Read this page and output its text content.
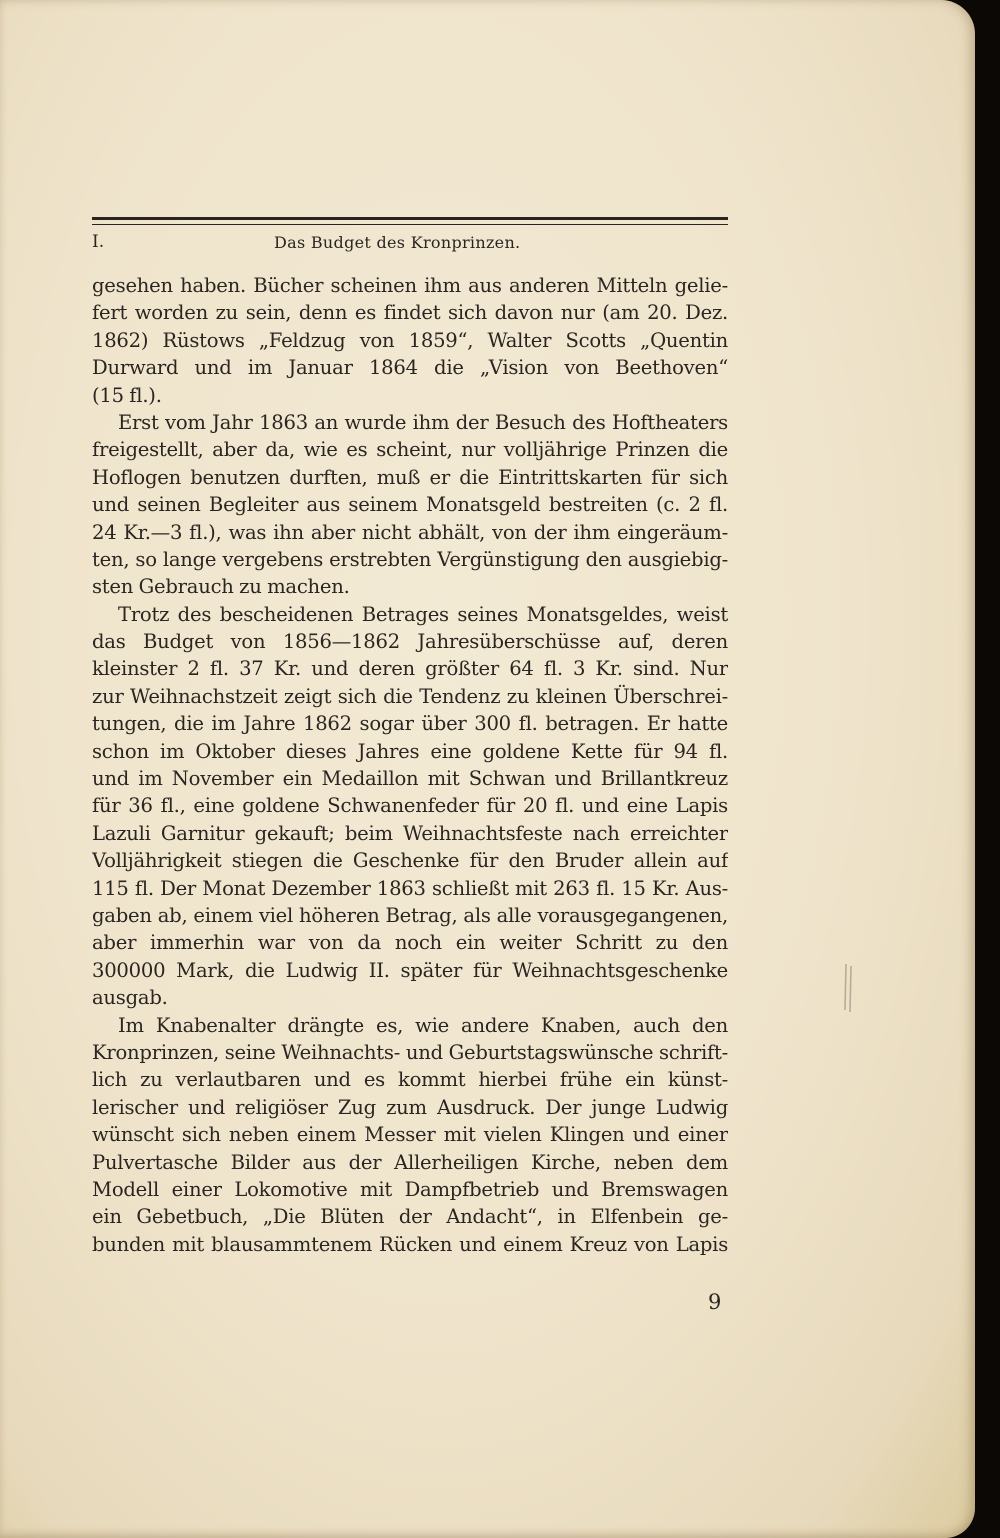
I.	Das Budget des Kronprinzen.
gesehen haben. Bücher scheinen ihm aus anderen Mitteln gelie-
fert worden zu sein, denn es findet sich davon nur (am 20. Dez.
1862) Rüstows „Feldzug von 1859“, Walter Scotts „Quentin
Durward und im Januar 1864 die „Vision von Beethoven“
(15 fl.).
Erst vom Jahr 1863 an wurde ihm der Besuch des Hoftheaters
freigestellt, aber da, wie es scheint, nur volljährige Prinzen die
Hoflogen benutzen durften, muß er die Eintrittskarten für sich
und seinen Begleiter aus seinem Monatsgeld bestreiten (c. 2 fl.
24 Kr.—3 fl.), was ihn aber nicht abhält, von der ihm eingeräum-
ten, so lange vergebens erstrebten Vergünstigung den ausgiebig-
sten Gebrauch zu machen.
Trotz des bescheidenen Betrages seines Monatsgeldes, weist
das Budget von 1856—1862 Jahresüberschüsse auf, deren
kleinster 2 fl. 37 Kr. und deren größter 64 fl. 3 Kr. sind. Nur
zur Weihnachstzeit zeigt sich die Tendenz zu kleinen Überschrei-
tungen, die im Jahre 1862 sogar über 300 fl. betragen. Er hatte
schon im Oktober dieses Jahres eine goldene Kette für 94 fl.
und im November ein Medaillon mit Schwan und Brillantkreuz
für 36 fl., eine goldene Schwanenfeder für 20 fl. und eine Lapis
Lazuli Garnitur gekauft; beim Weihnachtsfeste nach erreichter
Volljährigkeit stiegen die Geschenke für den Bruder allein auf
115 fl. Der Monat Dezember 1863 schließt mit 263 fl. 15 Kr. Aus-
gaben ab, einem viel höheren Betrag, als alle vorausgegangenen,
aber immerhin war von da noch ein weiter Schritt zu den
300000 Mark, die Ludwig II. später für Weihnachtsgeschenke
ausgab.
Im Knabenalter drängte es, wie andere Knaben, auch den
Kronprinzen, seine Weihnachts- und Geburtstagswünsche schrift-
lich zu verlautbaren und es kommt hierbei frühe ein künst-
lerischer und religiöser Zug zum Ausdruck. Der junge Ludwig
wünscht sich neben einem Messer mit vielen Klingen und einer
Pulvertasche Bilder aus der Allerheiligen Kirche, neben dem
Modell einer Lokomotive mit Dampfbetrieb und Bremswagen
ein Gebetbuch, „Die Blüten der Andacht“, in Elfenbein ge-
bunden mit blausammtenem Rücken und einem Kreuz von Lapis
9
